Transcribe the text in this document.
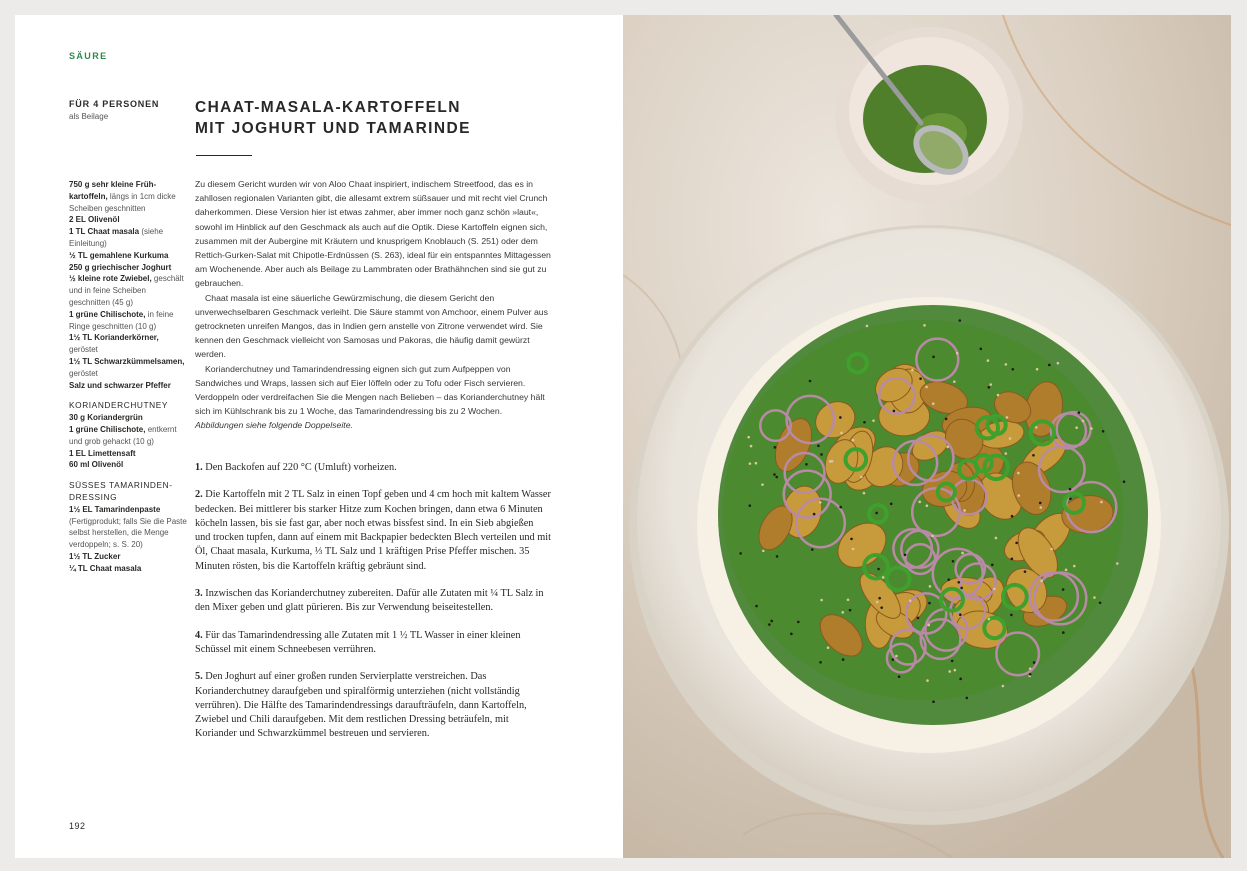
SÄURE
FÜR 4 PERSONEN
als Beilage
CHAAT-MASALA-KARTOFFELN
MIT JOGHURT UND TAMARINDE
750 g sehr kleine Frühkartoffeln, längs in 1cm dicke Scheiben geschnitten
2 EL Olivenöl
1 TL Chaat masala (siehe Einleitung)
½ TL gemahlene Kurkuma
250 g griechischer Joghurt
½ kleine rote Zwiebel, geschält und in feine Scheiben geschnitten (45 g)
1 grüne Chilischote, in feine Ringe geschnitten (10 g)
1½ TL Korianderkörner, geröstet
1½ TL Schwarzkümmelsamen, geröstet
Salz und schwarzer Pfeffer
KORIANDERCHUTNEY
30 g Koriandergrün
1 grüne Chilischote, entkernt und grob gehackt (10 g)
1 EL Limettensaft
60 ml Olivenöl
SÜSSES TAMARINDENDRESSING
1½ EL Tamarindenpaste (Fertigprodukt; falls Sie die Paste selbst herstellen, die Menge verdoppeln; s. S. 20)
1½ TL Zucker
¼ TL Chaat masala

Zu diesem Gericht wurden wir von Aloo Chaat inspiriert, indischem Streetfood, das es in zahllosen regionalen Varianten gibt, die allesamt extrem süßsauer und mit recht viel Crunch daherkommen. Diese Version hier ist etwas zahmer, aber immer noch ganz schön »laut«, sowohl im Hinblick auf den Geschmack als auch auf die Optik. Diese Kartoffeln eignen sich, zusammen mit der Aubergine mit Kräutern und knusprigem Knoblauch (S. 251) oder dem Rettich-Gurken-Salat mit Chipotle-Erdnüssen (S. 263), ideal für ein entspanntes Mittagessen am Wochenende. Aber auch als Beilage zu Lammbraten oder Brathähnchen sind sie gut zu gebrauchen.

Chaat masala ist eine säuerliche Gewürzmischung, die diesem Gericht den unverwechselbaren Geschmack verleiht. Die Säure stammt von Amchoor, einem Pulver aus getrockneten unreifen Mangos, das in Indien gern anstelle von Zitrone verwendet wird. Sie kennen den Geschmack vielleicht von Samosas und Pakoras, die häufig damit gewürzt werden.

Korianderchutney und Tamarindendressing eignen sich gut zum Aufpeppen von Sandwiches und Wraps, lassen sich auf Eier löffeln oder zu Tofu oder Fisch servieren. Verdoppeln oder verdreifachen Sie die Mengen nach Belieben – das Korianderchutney hält sich im Kühlschrank bis zu 1 Woche, das Tamarindendressing bis zu 2 Wochen. Abbildungen siehe folgende Doppelseite.

1. Den Backofen auf 220 °C (Umluft) vorheizen.

2. Die Kartoffeln mit 2 TL Salz in einen Topf geben und 4 cm hoch mit kaltem Wasser bedecken. Bei mittlerer bis starker Hitze zum Kochen bringen, dann etwa 6 Minuten köcheln lassen, bis sie fast gar, aber noch etwas bissfest sind. In ein Sieb abgießen und trocken tupfen, dann auf einem mit Backpapier bedeckten Blech verteilen und mit Öl, Chaat masala, Kurkuma, ⅓ TL Salz und 1 kräftigen Prise Pfeffer mischen. 35 Minuten rösten, bis die Kartoffeln kräftig gebräunt sind.

3. Inzwischen das Korianderchutney zubereiten. Dafür alle Zutaten mit ¼ TL Salz in den Mixer geben und glatt pürieren. Bis zur Verwendung beiseitestellen.

4. Für das Tamarindendressing alle Zutaten mit 1 ½ TL Wasser in einer kleinen Schüssel mit einem Schneebesen verrühren.

5. Den Joghurt auf einer großen runden Servierplatte verstreichen. Das Korianderchutney daraufgeben und spiralförmig unterziehen (nicht vollständig verrühren). Die Hälfte des Tamarindendressings daraufträufeln, dann Kartoffeln, Zwiebel und Chili daraufgeben. Mit dem restlichen Dressing beträufeln, mit Koriander und Schwarzkümmel bestreuen und servieren.

192
